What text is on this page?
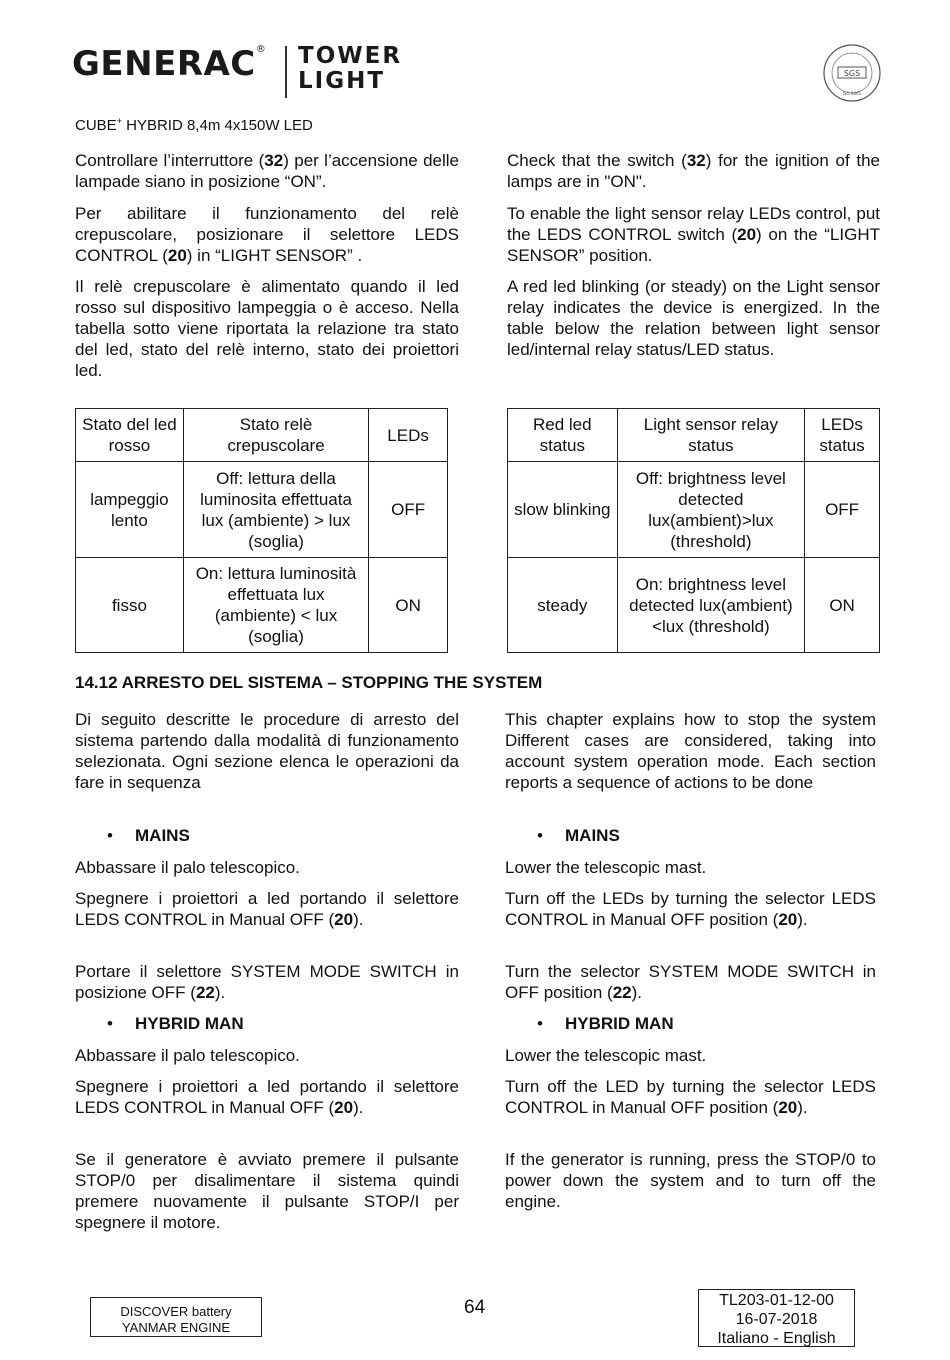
GENERAC® TOWER
LIGHT	SGS
ISO 9001
CUBE+ HYBRID 8,4m 4x150W LED

Controllare l’interruttore (32) per l’accensione delle lampade siano in posizione “ON”.

Per abilitare il funzionamento del relè crepuscolare, posizionare il selettore LEDS CONTROL (20) in “LIGHT SENSOR” .

Il relè crepuscolare è alimentato quando il led rosso sul dispositivo lampeggia o è acceso. Nella tabella sotto viene riportata la relazione tra stato del led, stato del relè interno, stato dei proiettori led.

Check that the switch (32) for the ignition of the lamps are in "ON".

To enable the light sensor relay LEDs control, put the LEDS CONTROL switch (20) on the “LIGHT SENSOR” position.

A red led blinking (or steady) on the Light sensor relay indicates the device is energized. In the table below the relation between light sensor led/internal relay status/LED status.

Stato del led rosso	Stato relè crepuscolare	LEDs
lampeggio lento	Off: lettura della luminosita effettuata lux (ambiente) > lux (soglia)	OFF
fisso	On: lettura luminosità effettuata lux (ambiente) < lux (soglia)	ON
Red led status	Light sensor relay status	LEDs status
slow blinking	Off: brightness level detected lux(ambient)>lux (threshold)	OFF
steady	On: brightness level detected lux(ambient)<lux (threshold)	ON
14.12 ARRESTO DEL SISTEMA – STOPPING THE SYSTEM

Di seguito descritte le procedure di arresto del sistema partendo dalla modalità di funzionamento selezionata. Ogni sezione elenca le operazioni da fare in sequenza

This chapter explains how to stop the system Different cases are considered, taking into account system operation mode. Each section reports a sequence of actions to be done

• MAINS	• MAINS

Abbassare il palo telescopico.	Lower the telescopic mast.

Spegnere i proiettori a led portando il selettore LEDS CONTROL in Manual OFF (20).

Turn off the LEDs by turning the selector LEDS CONTROL in Manual OFF position (20).

Portare il selettore SYSTEM MODE SWITCH in posizione OFF (22).

Turn the selector SYSTEM MODE SWITCH in OFF position (22).

• HYBRID MAN	• HYBRID MAN

Abbassare il palo telescopico.	Lower the telescopic mast.

Spegnere i proiettori a led portando il selettore LEDS CONTROL in Manual OFF (20).

Turn off the LED by turning the selector LEDS CONTROL in Manual OFF position (20).

Se il generatore è avviato premere il pulsante STOP/0 per disalimentare il sistema quindi premere nuovamente il pulsante STOP/I per spegnere il motore.

If the generator is running, press the STOP/0 to power down the system and to turn off the engine.

DISCOVER battery
YANMAR ENGINE
64	TL203-01-12-00
16-07-2018
Italiano - English
